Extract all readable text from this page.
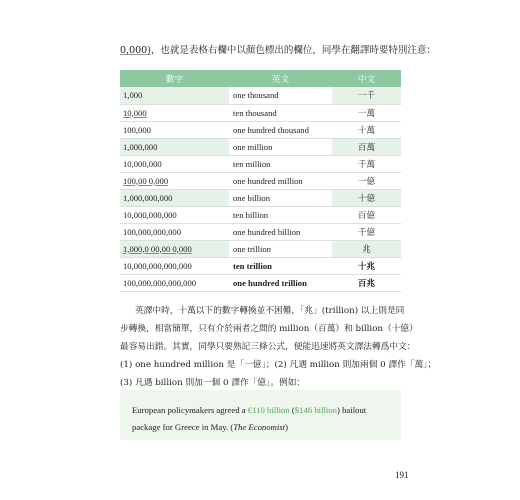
0,000)，也就是表格右欄中以顏色標出的欄位，同學在翻譯時要特別注意：
數字	英文	中文
1,000	one thousand	一千
10,000	ten thousand	一萬
100,000	one hundred thousand	十萬
1,000,000	one million	百萬
10,000,000	ten million	千萬
100,00 0,000	one hundred million	一億
1,000,000,000	one billion	十億
10,000,000,000	ten billion	百億
100,000,000,000	one hundred billion	千億
1,000,0 00,00 0,000	one trillion	兆
10,000,000,000,000	ten trillion	十兆
100,000,000,000,000	one hundred trillion	百兆

英譯中時，十萬以下的數字轉換並不困難，「兆」(trillion) 以上則是同

步轉換，相當簡單，只有介於兩者之間的 million（百萬）和 billion（十億）

最容易出錯。其實，同學只要熟記三條公式，便能迅速將英文譯法轉爲中文：

(1) one hundred million 是「一億」；(2) 凡遇 million 則加兩個 0 譯作「萬」；

(3) 凡遇 billion 則加一個 0 譯作「億」。例如：

European policymakers agreed a €110 billion ($146 billion) bailout
package for Greece in May. (The Economist)
191
